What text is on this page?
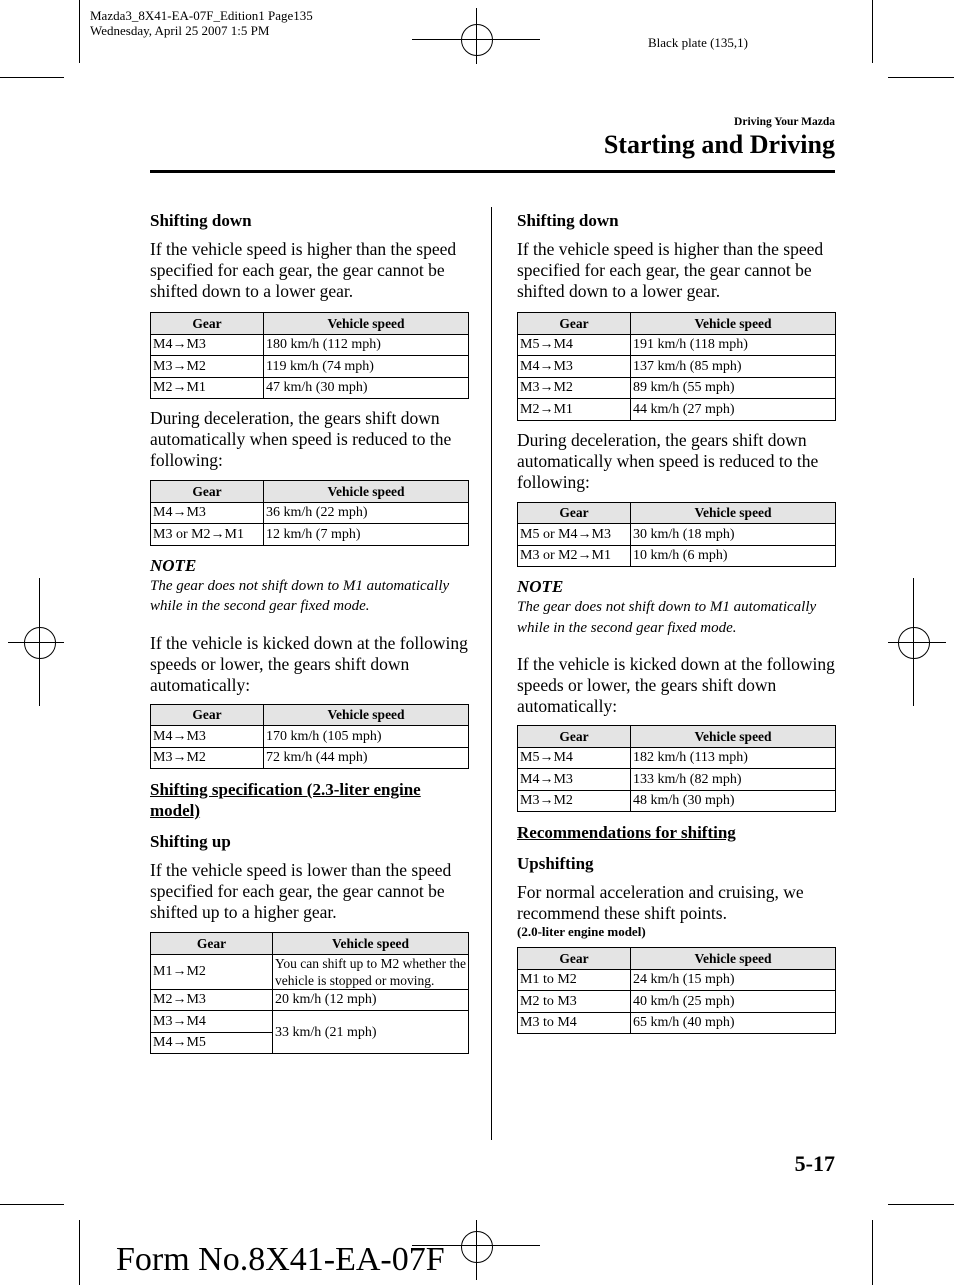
Mazda3_8X41-EA-07F_Edition1 Page135
Wednesday, April 25 2007 1:5 PM
Black plate (135,1)
Driving Your Mazda
Starting and Driving

Shifting down

If the vehicle speed is higher than the speed specified for each gear, the gear cannot be shifted down to a lower gear.

Gear	Vehicle speed
M4→M3	180 km/h (112 mph)
M3→M2	119 km/h (74 mph)
M2→M1	47 km/h (30 mph)

During deceleration, the gears shift down automatically when speed is reduced to the following:

Gear	Vehicle speed
M4→M3	36 km/h (22 mph)
M3 or M2→M1	12 km/h (7 mph)

NOTE

The gear does not shift down to M1 automatically while in the second gear fixed mode.

If the vehicle is kicked down at the following speeds or lower, the gears shift down automatically:

Gear	Vehicle speed
M4→M3	170 km/h (105 mph)
M3→M2	72 km/h (44 mph)

Shifting specification (2.3-liter engine model)

Shifting up

If the vehicle speed is lower than the speed specified for each gear, the gear cannot be shifted up to a higher gear.

Gear	Vehicle speed
M1→M2	You can shift up to M2 whether the vehicle is stopped or moving.
M2→M3	20 km/h (12 mph)
M3→M4	33 km/h (21 mph)
M4→M5	

Shifting down

If the vehicle speed is higher than the speed specified for each gear, the gear cannot be shifted down to a lower gear.

Gear	Vehicle speed
M5→M4	191 km/h (118 mph)
M4→M3	137 km/h (85 mph)
M3→M2	89 km/h (55 mph)
M2→M1	44 km/h (27 mph)

During deceleration, the gears shift down automatically when speed is reduced to the following:

Gear	Vehicle speed
M5 or M4→M3	30 km/h (18 mph)
M3 or M2→M1	10 km/h (6 mph)

NOTE

The gear does not shift down to M1 automatically while in the second gear fixed mode.

If the vehicle is kicked down at the following speeds or lower, the gears shift down automatically:

Gear	Vehicle speed
M5→M4	182 km/h (113 mph)
M4→M3	133 km/h (82 mph)
M3→M2	48 km/h (30 mph)

Recommendations for shifting

Upshifting

For normal acceleration and cruising, we recommend these shift points.

(2.0-liter engine model)

Gear	Vehicle speed
M1 to M2	24 km/h (15 mph)
M2 to M3	40 km/h (25 mph)
M3 to M4	65 km/h (40 mph)
5-17
Form No.8X41-EA-07F
